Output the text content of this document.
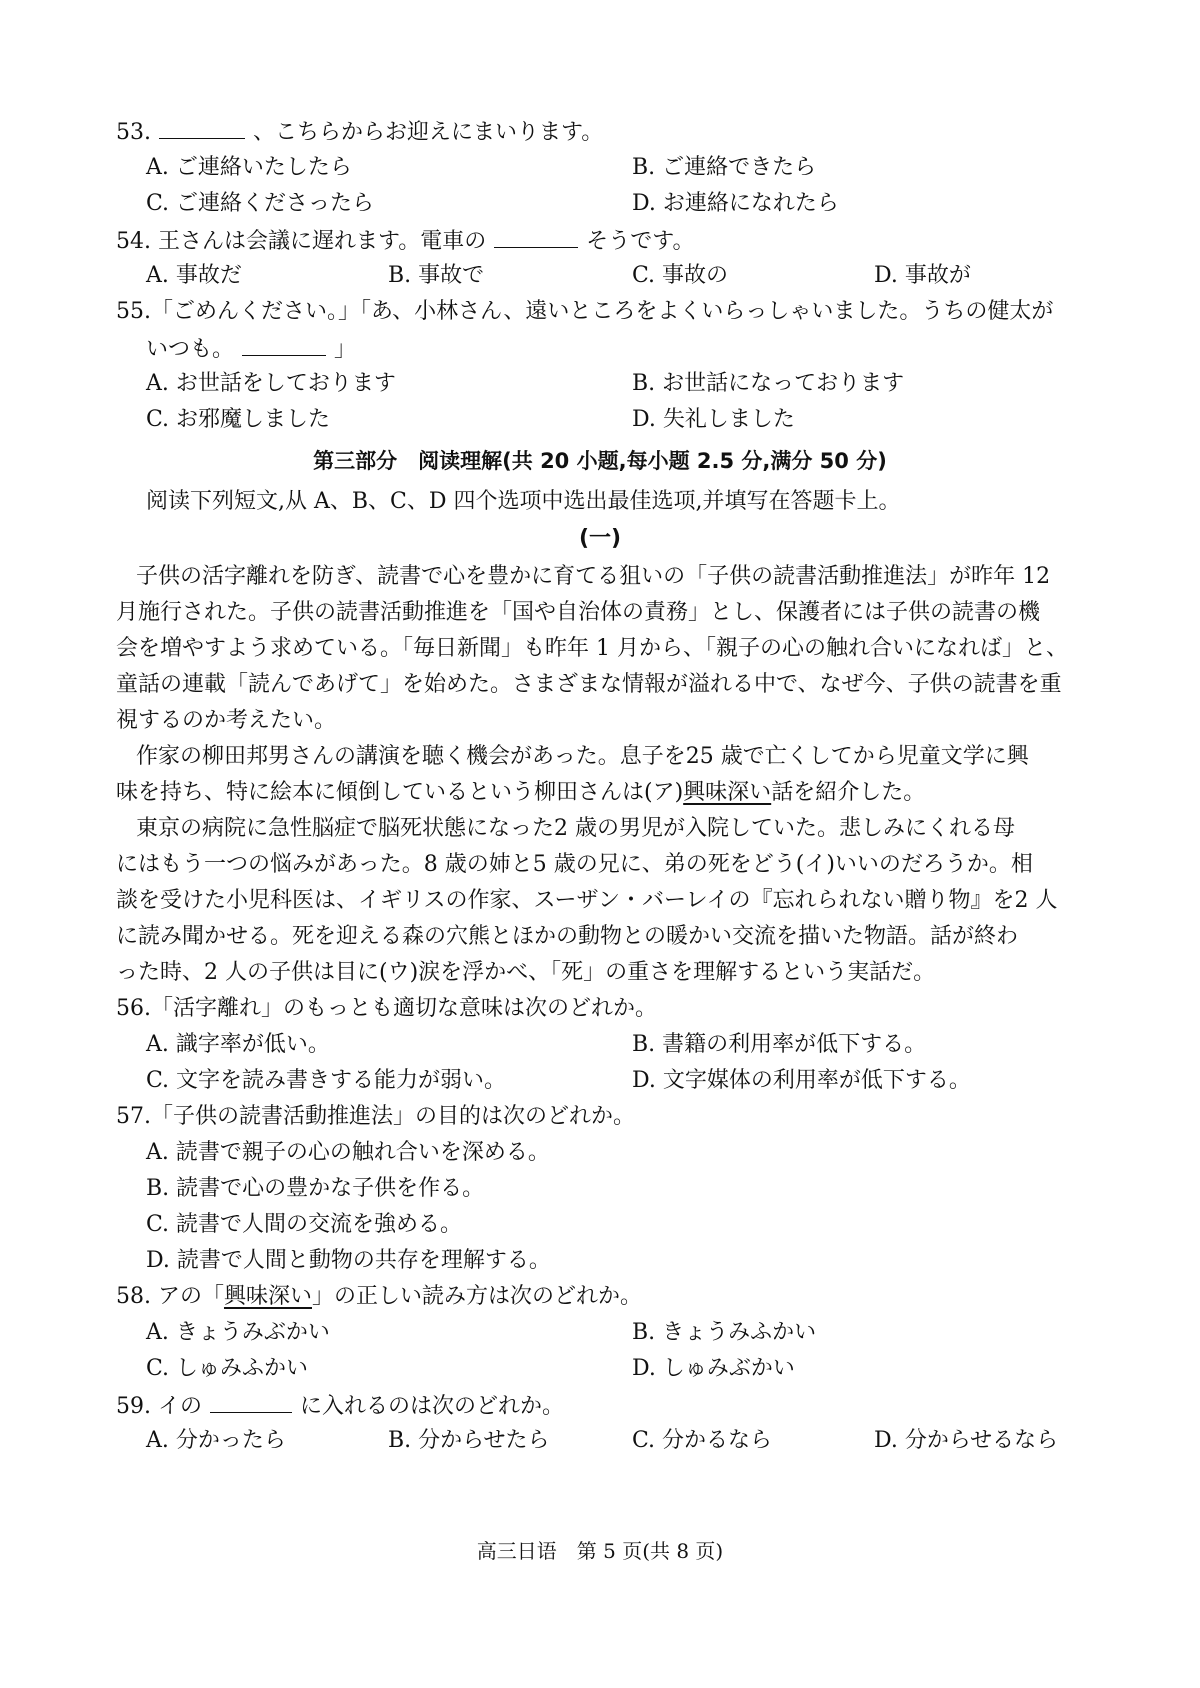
53.	、こちらからお迎えにまいります。
A. ご連絡いたしたら	B. ご連絡できたら
C. ご連絡くださったら	D. お連絡になれたら
54. 王さんは会議に遅れます。電車の	そうです。
A. 事故だ	B. 事故で	C. 事故の	D. 事故が
55.「ごめんください。」「あ、小林さん、遠いところをよくいらっしゃいました。うちの健太が
いつも。	」
A. お世話をしております	B. お世話になっております
C. お邪魔しました	D. 失礼しました
第三部分　阅读理解(共 20 小题,每小题 2.5 分,满分 50 分)
阅读下列短文,从 A、B、C、D 四个选项中选出最佳选项,并填写在答题卡上。
(一)
子供の活字離れを防ぎ、読書で心を豊かに育てる狙いの「子供の読書活動推進法」が昨年 12
月施行された。子供の読書活動推進を「国や自治体の責務」とし、保護者には子供の読書の機
会を増やすよう求めている。「毎日新聞」も昨年 1 月から、「親子の心の触れ合いになれば」と、
童話の連載「読んであげて」を始めた。さまざまな情報が溢れる中で、なぜ今、子供の読書を重
視するのか考えたい。
作家の柳田邦男さんの講演を聴く機会があった。息子を25 歳で亡くしてから児童文学に興
味を持ち、特に絵本に傾倒しているという柳田さんは(ア)興味深い話を紹介した。
東京の病院に急性脳症で脳死状態になった2 歳の男児が入院していた。悲しみにくれる母
にはもう一つの悩みがあった。8 歳の姉と5 歳の兄に、弟の死をどう(イ)いいのだろうか。相
談を受けた小児科医は、イギリスの作家、スーザン・バーレイの『忘れられない贈り物』を2 人
に読み聞かせる。死を迎える森の穴熊とほかの動物との暖かい交流を描いた物語。話が終わ
った時、2 人の子供は目に(ウ)涙を浮かべ、「死」の重さを理解するという実話だ。
56.「活字離れ」のもっとも適切な意味は次のどれか。
A. 識字率が低い。	B. 書籍の利用率が低下する。
C. 文字を読み書きする能力が弱い。	D. 文字媒体の利用率が低下する。
57.「子供の読書活動推進法」の目的は次のどれか。
A. 読書で親子の心の触れ合いを深める。
B. 読書で心の豊かな子供を作る。
C. 読書で人間の交流を強める。
D. 読書で人間と動物の共存を理解する。
58. アの「興味深い」の正しい読み方は次のどれか。
A. きょうみぶかい	B. きょうみふかい
C. しゅみふかい	D. しゅみぶかい
59. イの	に入れるのは次のどれか。
A. 分かったら	B. 分からせたら	C. 分かるなら	D. 分からせるなら
高三日语　第 5 页(共 8 页)
